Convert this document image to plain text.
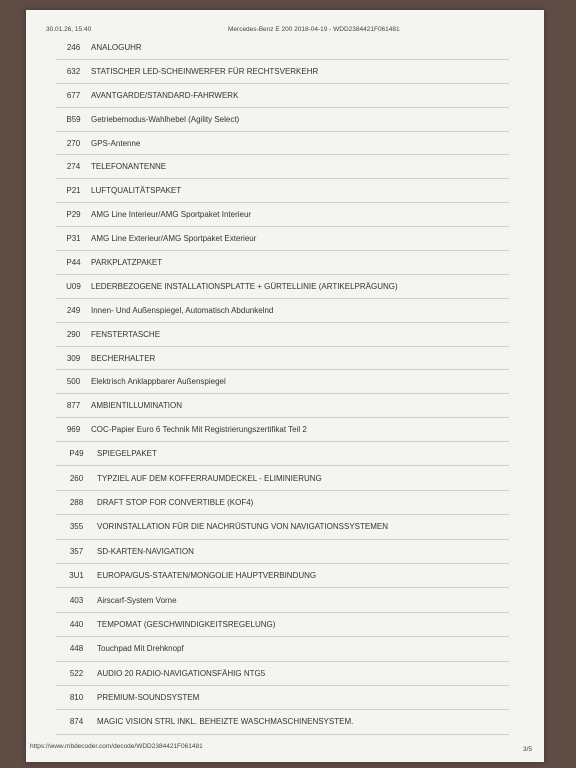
30.01.26, 15:40	Mercedes-Benz E 200 2018-04-19 - WDD2384421F061481
246	ANALOGUHR
632	STATISCHER LED-SCHEINWERFER FÜR RECHTSVERKEHR
677	AVANTGARDE/STANDARD-FAHRWERK
B59	Getriebemodus-Wahlhebel (Agility Select)
270	GPS-Antenne
274	TELEFONANTENNE
P21	LUFTQUALITÄTSPAKET
P29	AMG Line Interieur/AMG Sportpaket Interieur
P31	AMG Line Exterieur/AMG Sportpaket Exterieur
P44	PARKPLATZPAKET
U09	LEDERBEZOGENE INSTALLATIONSPLATTE + GÜRTELLINIE (ARTIKELPRÄGUNG)
249	Innen- Und Außenspiegel, Automatisch Abdunkelnd
290	FENSTERTASCHE
309	BECHERHALTER
500	Elektrisch Anklappbarer Außenspiegel
877	AMBIENTILLUMINATION
969	COC-Papier Euro 6 Technik Mit Registrierungszertifikat Teil 2
P49	SPIEGELPAKET
260	TYPZIEL AUF DEM KOFFERRAUMDECKEL - ELIMINIERUNG
288	DRAFT STOP FOR CONVERTIBLE (KOF4)
355	VORINSTALLATION FÜR DIE NACHRÜSTUNG VON NAVIGATIONSSYSTEMEN
357	SD-KARTEN-NAVIGATION
3U1	EUROPA/GUS-STAATEN/MONGOLIE HAUPTVERBINDUNG
403	Airscarf-System Vorne
440	TEMPOMAT (GESCHWINDIGKEITSREGELUNG)
448	Touchpad Mit Drehknopf
522	AUDIO 20 RADIO-NAVIGATIONSFÄHIG NTG5
810	PREMIUM-SOUNDSYSTEM
874	MAGIC VISION STRL INKL. BEHEIZTE WASCHMASCHINENSYSTEM.
https://www.mbdecoder.com/decode/WDD2384421F061481	3/5
